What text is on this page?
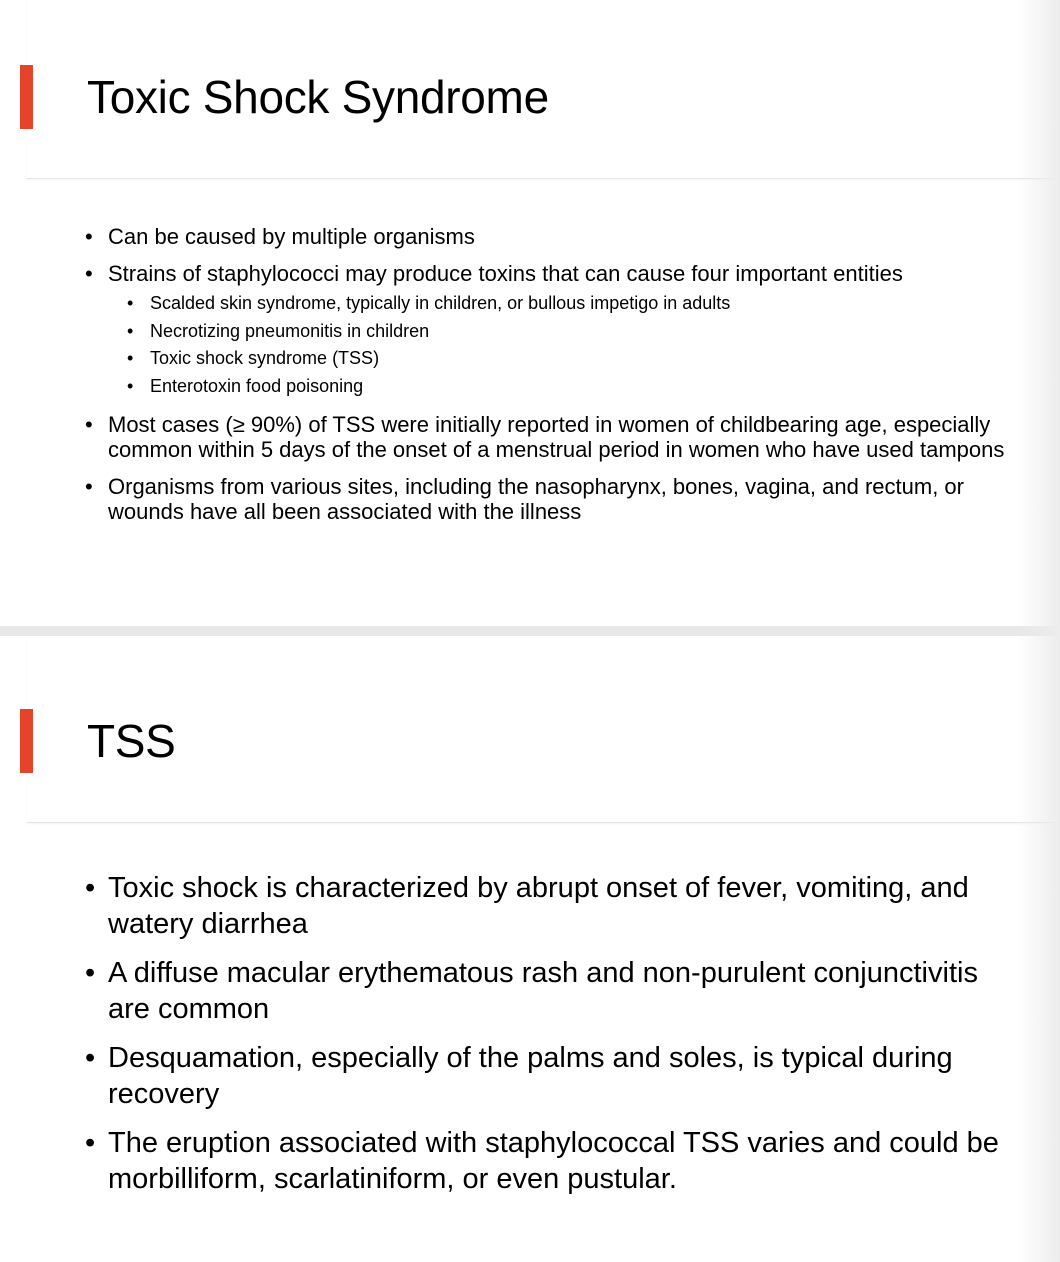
Toxic Shock Syndrome
• Can be caused by multiple organisms
• Strains of staphylococci may produce toxins that can cause four important entities
• Scalded skin syndrome, typically in children, or bullous impetigo in adults
• Necrotizing pneumonitis in children
• Toxic shock syndrome (TSS)
• Enterotoxin food poisoning
• Most cases (≥ 90%) of TSS were initially reported in women of childbearing age, especially common within 5 days of the onset of a menstrual period in women who have used tampons
• Organisms from various sites, including the nasopharynx, bones, vagina, and rectum, or wounds have all been associated with the illness
TSS
• Toxic shock is characterized by abrupt onset of fever, vomiting, and watery diarrhea
• A diffuse macular erythematous rash and non-purulent conjunctivitis are common
• Desquamation, especially of the palms and soles, is typical during recovery
• The eruption associated with staphylococcal TSS varies and could be morbilliform, scarlatiniform, or even pustular.
